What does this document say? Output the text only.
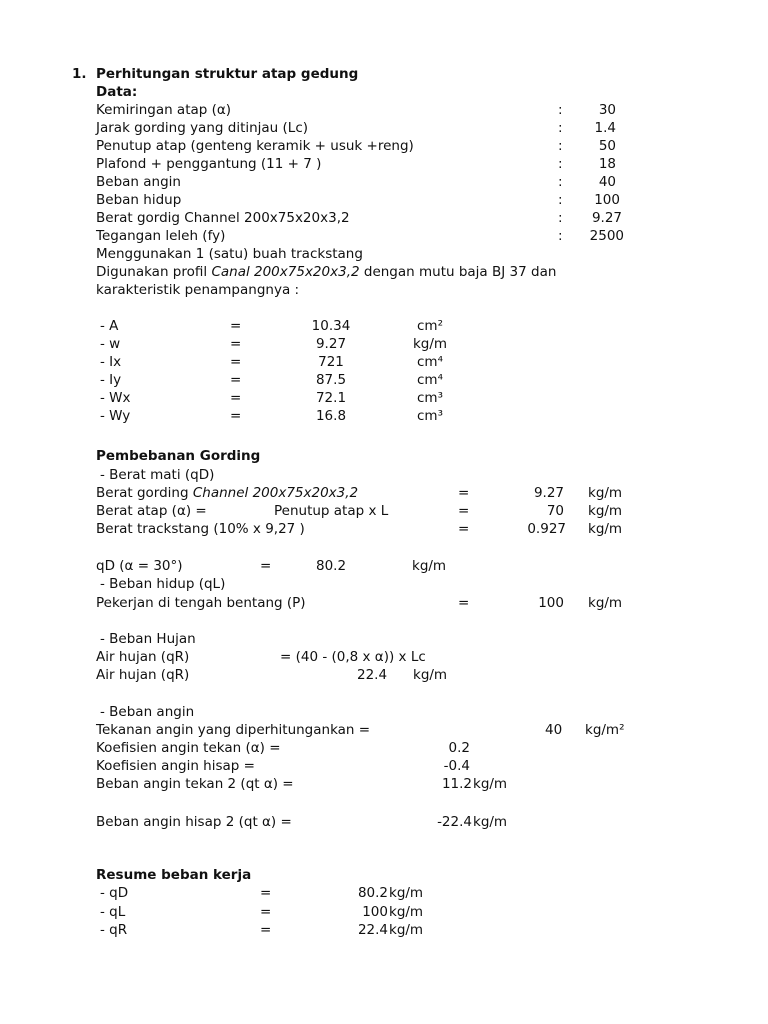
1. Perhitungan struktur atap gedung
Data:
Kemiringan atap (α)	:	30
Jarak gording yang ditinjau (Lc)	:	1.4
Penutup atap (genteng keramik + usuk +reng)	:	50
Plafond + penggantung (11 + 7 )	:	18
Beban angin	:	40
Beban hidup	:	100
Berat gordig Channel 200x75x20x3,2	:	9.27
Tegangan leleh (fy)	:	2500
Menggunakan 1 (satu) buah trackstang
Digunakan profil Canal 200x75x20x3,2 dengan mutu baja BJ 37 dan
karakteristik penampangnya :
- A	=	10.34	cm²
- w	=	9.27	kg/m
- Ix	=	721	cm⁴
- Iy	=	87.5	cm⁴
- Wx	=	72.1	cm³
- Wy	=	16.8	cm³
Pembebanan Gording
- Berat mati (qD)
Berat gording Channel 200x75x20x3,2	=	9.27 kg/m
Berat atap (α) =	Penutup atap x L	=	70 kg/m
Berat trackstang (10% x 9,27 )	=	0.927 kg/m
qD (α = 30°)	=	80.2	kg/m
- Beban hidup (qL)
Pekerjan di tengah bentang (P)	=	100 kg/m
- Beban Hujan
Air hujan (qR)	= (40 - (0,8 x α)) x Lc
Air hujan (qR)	22.4 kg/m
- Beban angin
Tekanan angin yang diperhitungankan =	40 kg/m²
Koefisien angin tekan (α) =	0.2
Koefisien angin hisap =	-0.4
Beban angin tekan 2 (qt α) =	11.2 kg/m
Beban angin hisap 2 (qt α) =	-22.4 kg/m
Resume beban kerja
- qD	=	80.2 kg/m
- qL	=	100 kg/m
- qR	=	22.4 kg/m
